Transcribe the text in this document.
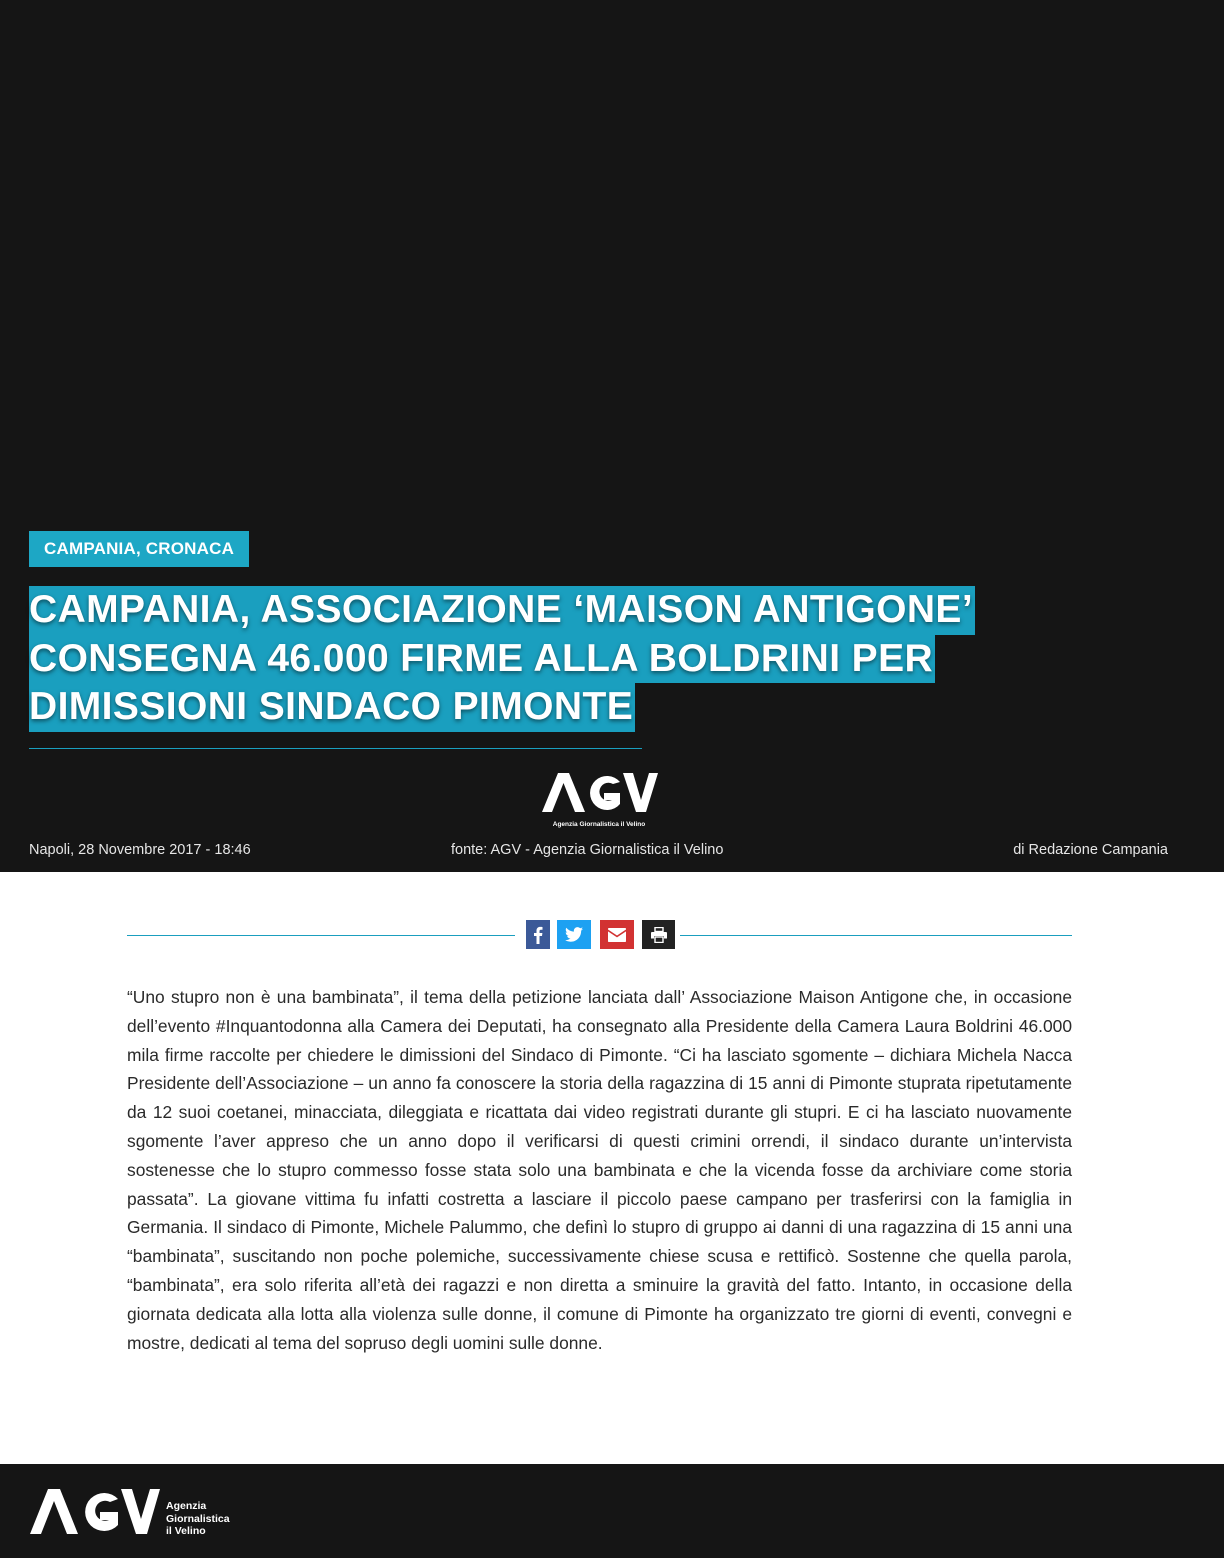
CAMPANIA, CRONACA
CAMPANIA, ASSOCIAZIONE ‘MAISON ANTIGONE’
CONSEGNA 46.000 FIRME ALLA BOLDRINI PER
DIMISSIONI SINDACO PIMONTE
Agenzia Giornalistica il Velino
Napoli, 28 Novembre 2017 - 18:46	fonte: AGV - Agenzia Giornalistica il Velino	di Redazione Campania

“Uno stupro non è una bambinata”, il tema della petizione lanciata dall’ Associazione Maison Antigone che, in occasione dell’evento #Inquantodonna alla Camera dei Deputati, ha consegnato alla Presidente della Camera Laura Boldrini 46.000 mila firme raccolte per chiedere le dimissioni del Sindaco di Pimonte. “Ci ha lasciato sgomente – dichiara Michela Nacca Presidente dell’Associazione – un anno fa conoscere la storia della ragazzina di 15 anni di Pimonte stuprata ripetutamente da 12 suoi coetanei, minacciata, dileggiata e ricattata dai video registrati durante gli stupri. E ci ha lasciato nuovamente sgomente l’aver appreso che un anno dopo il verificarsi di questi crimini orrendi, il sindaco durante un’intervista sostenesse che lo stupro commesso fosse stata solo una bambinata e che la vicenda fosse da archiviare come storia passata”. La giovane vittima fu infatti costretta a lasciare il piccolo paese campano per trasferirsi con la famiglia in Germania. Il sindaco di Pimonte, Michele Palummo, che definì lo stupro di gruppo ai danni di una ragazzina di 15 anni una “bambinata”, suscitando non poche polemiche, successivamente chiese scusa e rettificò. Sostenne che quella parola, “bambinata”, era solo riferita all’età dei ragazzi e non diretta a sminuire la gravità del fatto. Intanto, in occasione della giornata dedicata alla lotta alla violenza sulle donne, il comune di Pimonte ha organizzato tre giorni di eventi, convegni e mostre, dedicati al tema del sopruso degli uomini sulle donne.

Agenzia
Giornalistica
il Velino
